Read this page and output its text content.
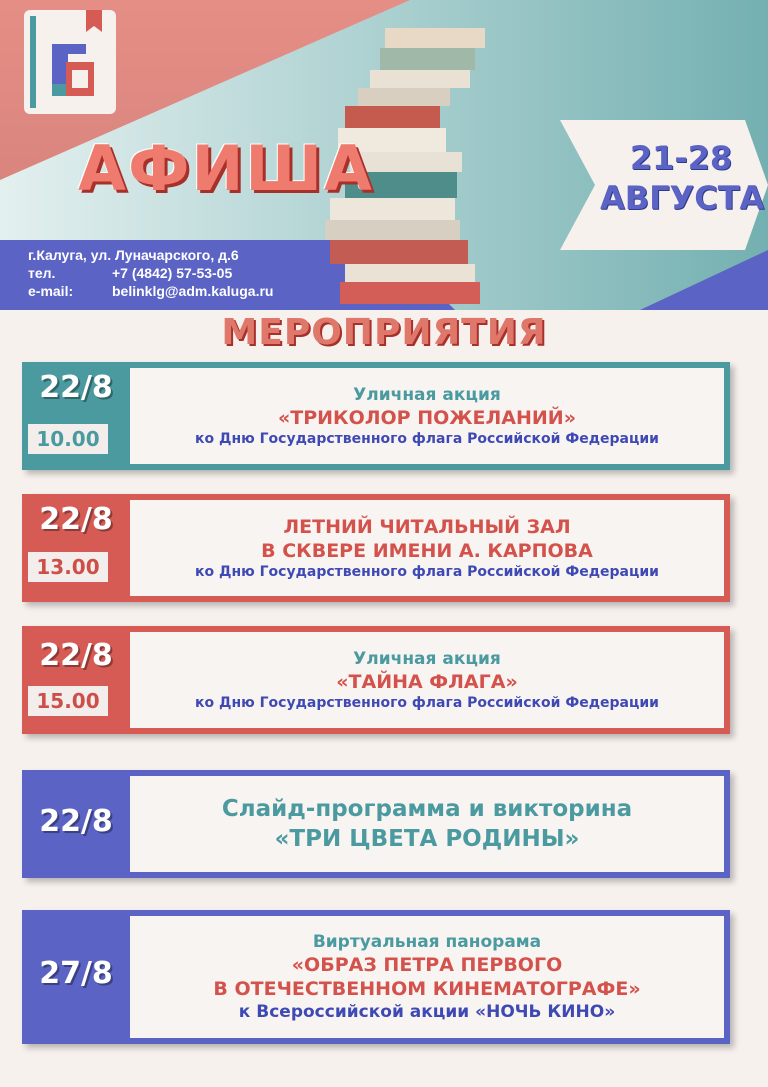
АФИША	21-28
АВГУСТА
г.Калуга, ул. Луначарского, д.6
тел.	+7 (4842) 57-53-05
e-mail:	belinklg@adm.kaluga.ru
МЕРОПРИЯТИЯ
22/8
10.00
Уличная акция
«ТРИКОЛОР ПОЖЕЛАНИЙ»
ко Дню Государственного флага Российской Федерации
22/8
13.00
ЛЕТНИЙ ЧИТАЛЬНЫЙ ЗАЛ
В СКВЕРЕ ИМЕНИ А. КАРПОВА
ко Дню Государственного флага Российской Федерации
22/8
15.00
Уличная акция
«ТАЙНА ФЛАГА»
ко Дню Государственного флага Российской Федерации
22/8	Слайд-программа и викторина
«ТРИ ЦВЕТА РОДИНЫ»
27/8
Виртуальная панорама
«ОБРАЗ ПЕТРА ПЕРВОГО
В ОТЕЧЕСТВЕННОМ КИНЕМАТОГРАФЕ»
к Всероссийской акции «НОЧЬ КИНО»
